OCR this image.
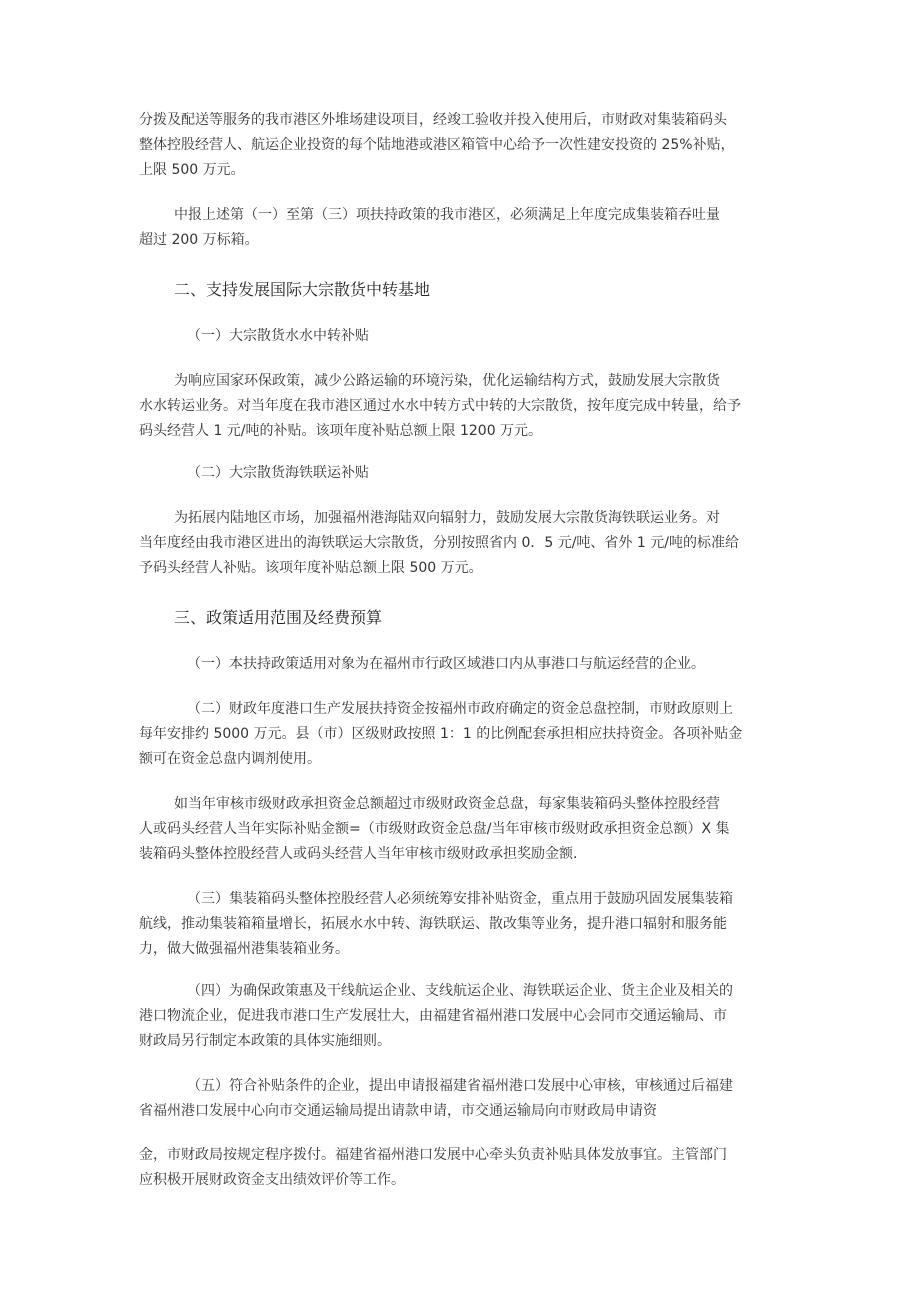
分拨及配送等服务的我市港区外堆场建设项目，经竣工验收并投入使用后，市财政对集装箱码头
整体控股经营人、航运企业投资的每个陆地港或港区箱管中心给予一次性建安投资的 25%补贴，
上限 500 万元。
中报上述第（一）至第（三）项扶持政策的我市港区，必须满足上年度完成集装箱吞吐量
超过 200 万标箱。
二、支持发展国际大宗散货中转基地
（一）大宗散货水水中转补贴
为响应国家环保政策，减少公路运输的环境污染，优化运输结构方式，鼓励发展大宗散货
水水转运业务。对当年度在我市港区通过水水中转方式中转的大宗散货，按年度完成中转量，给予
码头经营人 1 元/吨的补贴。该项年度补贴总额上限 1200 万元。
（二）大宗散货海铁联运补贴
为拓展内陆地区市场，加强福州港海陆双向辐射力，鼓励发展大宗散货海铁联运业务。对
当年度经由我市港区进出的海铁联运大宗散货，分别按照省内 0．5 元/吨、省外 1 元/吨的标准给
予码头经营人补贴。该项年度补贴总额上限 500 万元。
三、政策适用范围及经费预算
（一）本扶持政策适用对象为在福州市行政区域港口内从事港口与航运经营的企业。
（二）财政年度港口生产发展扶持资金按福州市政府确定的资金总盘控制，市财政原则上
每年安排约 5000 万元。县（市）区级财政按照 1：1 的比例配套承担相应扶持资金。各项补贴金
额可在资金总盘内调剂使用。
如当年审核市级财政承担资金总额超过市级财政资金总盘，每家集装箱码头整体控股经营
人或码头经营人当年实际补贴金额=（市级财政资金总盘/当年审核市级财政承担资金总额）X 集
装箱码头整体控股经营人或码头经营人当年审核市级财政承担奖励金额.
（三）集装箱码头整体控股经营人必须统筹安排补贴资金，重点用于鼓励巩固发展集装箱
航线，推动集装箱箱量增长，拓展水水中转、海铁联运、散改集等业务，提升港口辐射和服务能
力，做大做强福州港集装箱业务。
（四）为确保政策惠及干线航运企业、支线航运企业、海铁联运企业、货主企业及相关的
港口物流企业，促进我市港口生产发展壮大，由福建省福州港口发展中心会同市交通运输局、市
财政局另行制定本政策的具体实施细则。
（五）符合补贴条件的企业，提出申请报福建省福州港口发展中心审核，审核通过后福建
省福州港口发展中心向市交通运输局提出请款申请，市交通运输局向市财政局申请资
金，市财政局按规定程序拨付。福建省福州港口发展中心牵头负责补贴具体发放事宜。主管部门
应积极开展财政资金支出绩效评价等工作。
